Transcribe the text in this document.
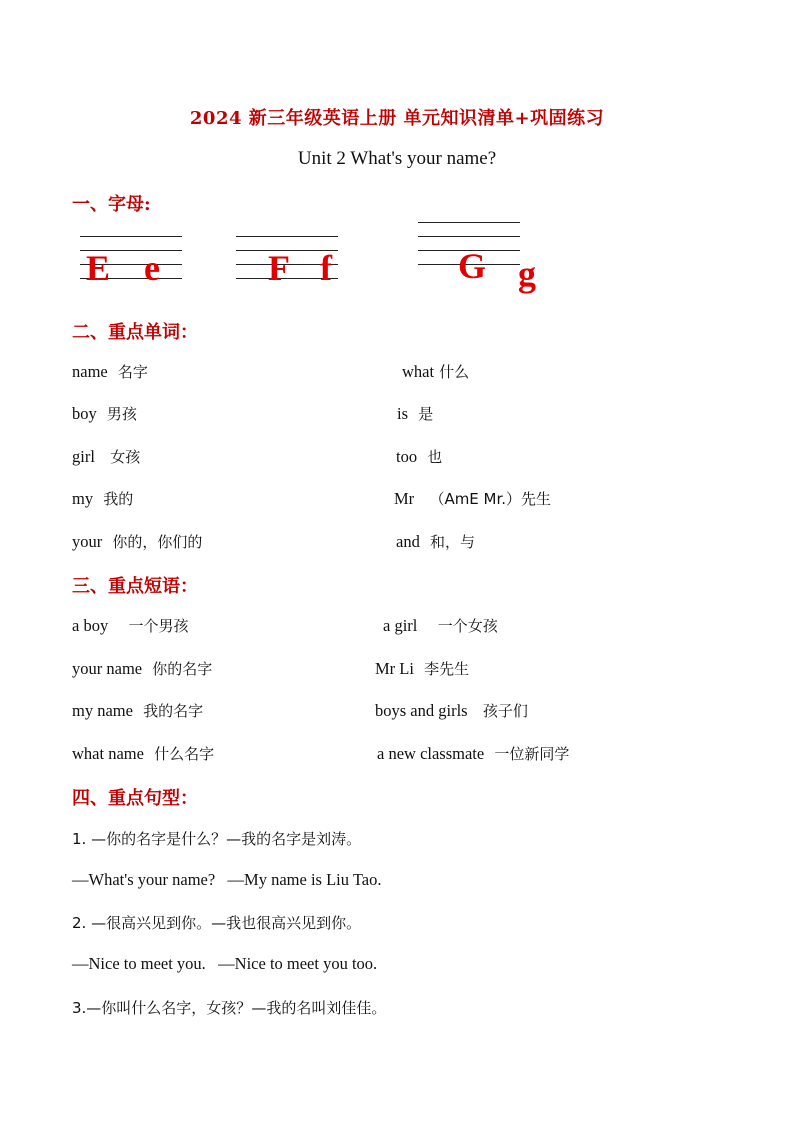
2024 新三年级英语上册 单元知识清单+巩固练习
Unit 2 What's your name?
一、字母:
E e	F f	G g
二、重点单词：
name 名字	what 什么
boy 男孩	is 是
girl 女孩	too 也
my 我的	Mr （AmE Mr.）先生
your 你的，你们的	and 和，与
三、重点短语：
a boy 一个男孩	a girl 一个女孩
your name 你的名字	Mr Li 李先生
my name 我的名字	boys and girls 孩子们
what name 什么名字	a new classmate 一位新同学
四、重点句型：
1. —你的名字是什么？—我的名字是刘涛。
—What's your name?   —My name is Liu Tao.
2. —很高兴见到你。—我也很高兴见到你。
—Nice to meet you.   —Nice to meet you too.
3.—你叫什么名字，女孩？—我的名叫刘佳佳。
